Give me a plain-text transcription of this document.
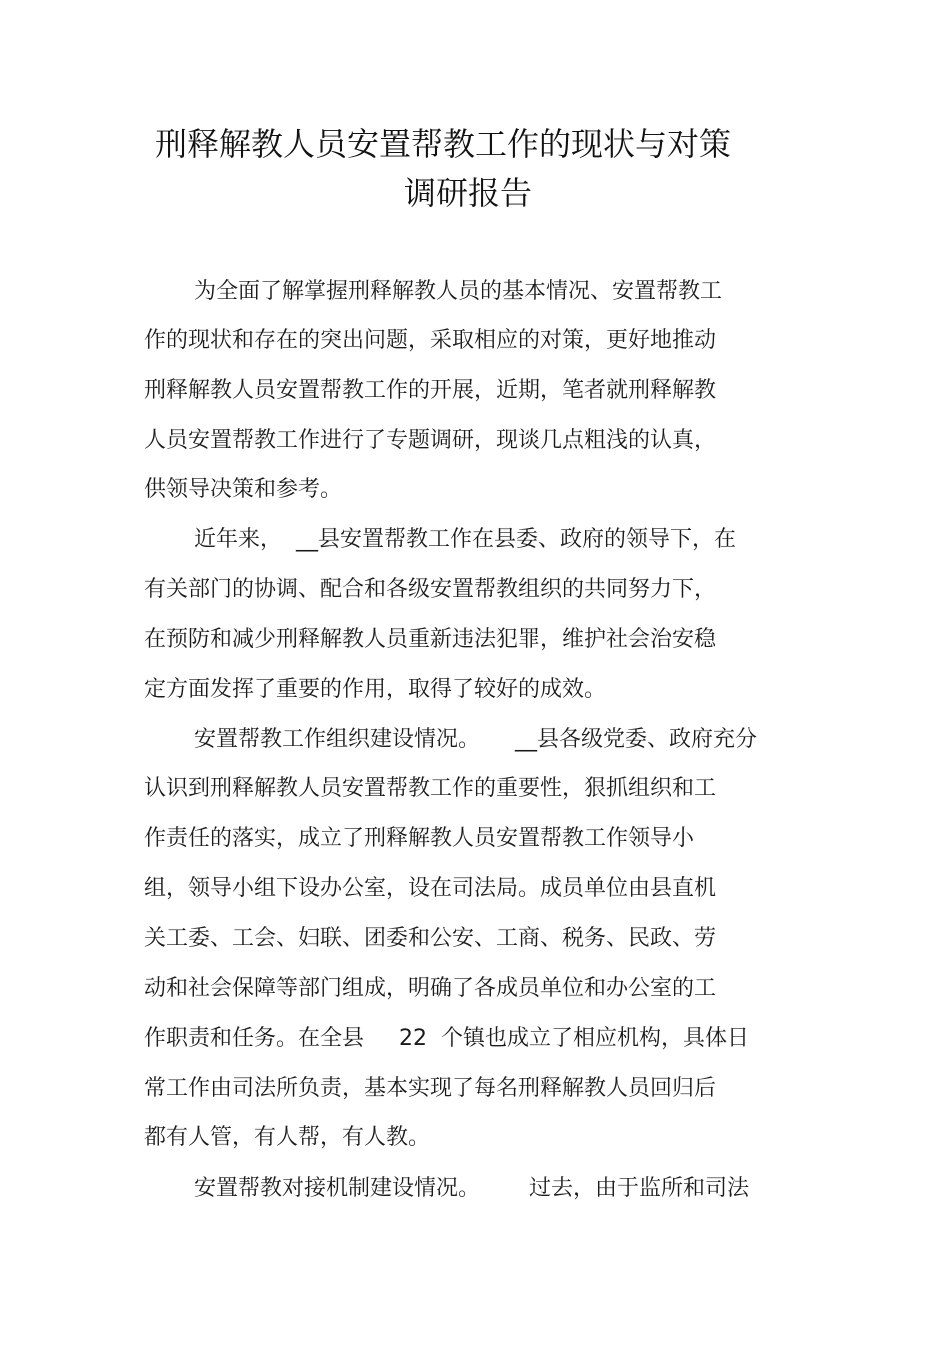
刑释解教人员安置帮教工作的现状与对策
调研报告
为全面了解掌握刑释解教人员的基本情况、安置帮教工
作的现状和存在的突出问题，采取相应的对策，更好地推动
刑释解教人员安置帮教工作的开展，近期，笔者就刑释解教
人员安置帮教工作进行了专题调研，现谈几点粗浅的认真，
供领导决策和参考。
近年来，  __县安置帮教工作在县委、政府的领导下，在
有关部门的协调、配合和各级安置帮教组织的共同努力下，
在预防和减少刑释解教人员重新违法犯罪，维护社会治安稳
定方面发挥了重要的作用，取得了较好的成效。
安置帮教工作组织建设情况。     __县各级党委、政府充分
认识到刑释解教人员安置帮教工作的重要性，狠抓组织和工
作责任的落实，成立了刑释解教人员安置帮教工作领导小
组，领导小组下设办公室，设在司法局。成员单位由县直机
关工委、工会、妇联、团委和公安、工商、税务、民政、劳
动和社会保障等部门组成，明确了各成员单位和办公室的工
作职责和任务。在全县     22  个镇也成立了相应机构，具体日
常工作由司法所负责，基本实现了每名刑释解教人员回归后
都有人管，有人帮，有人教。
安置帮教对接机制建设情况。       过去，由于监所和司法
